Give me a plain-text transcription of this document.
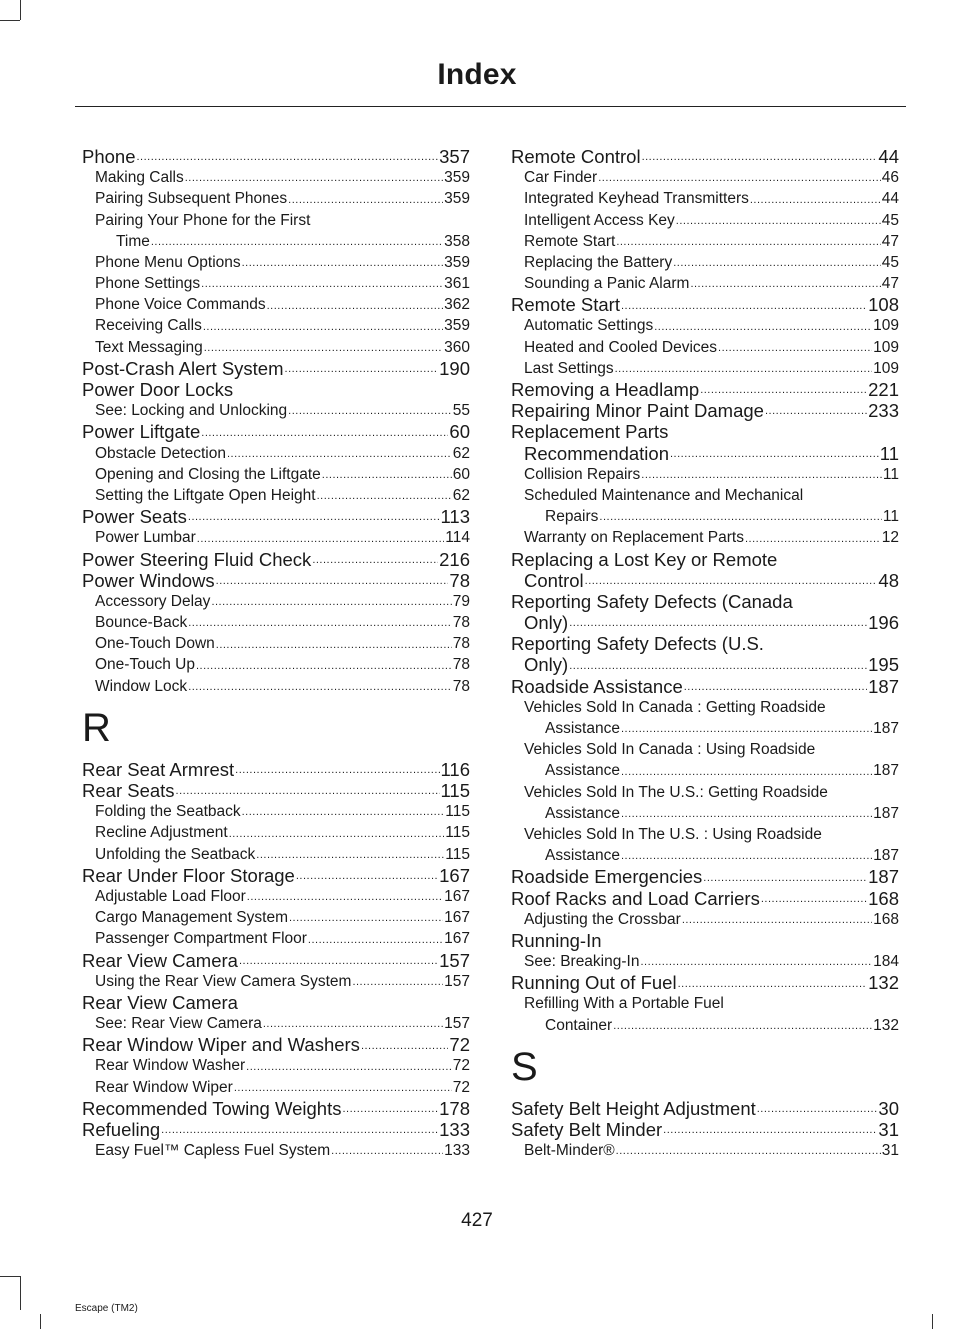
Index
Phone .....	357
Making Calls .....	359
Pairing Subsequent Phones .....	359
Pairing Your Phone for the First
Time .....	358
Phone Menu Options .....	359
Phone Settings .....	361
Phone Voice Commands .....	362
Receiving Calls .....	359
Text Messaging .....	360
Post-Crash Alert System .....	190
Power Door Locks
See: Locking and Unlocking .....	55
Power Liftgate .....	60
Obstacle Detection .....	62
Opening and Closing the Liftgate .....	60
Setting the Liftgate Open Height .....	62
Power Seats .....	113
Power Lumbar .....	114
Power Steering Fluid Check .....	216
Power Windows .....	78
Accessory Delay .....	79
Bounce-Back .....	78
One-Touch Down .....	78
One-Touch Up .....	78
Window Lock .....	78
R
Rear Seat Armrest .....	116
Rear Seats .....	115
Folding the Seatback .....	115
Recline Adjustment .....	115
Unfolding the Seatback .....	115
Rear Under Floor Storage .....	167
Adjustable Load Floor .....	167
Cargo Management System .....	167
Passenger Compartment Floor .....	167
Rear View Camera .....	157
Using the Rear View Camera System .....	157
Rear View Camera
See: Rear View Camera .....	157
Rear Window Wiper and Washers .....	72
Rear Window Washer .....	72
Rear Window Wiper .....	72
Recommended Towing Weights .....	178
Refueling .....	133
Easy Fuel™ Capless Fuel System .....	133
Remote Control .....	44
Car Finder .....	46
Integrated Keyhead Transmitters .....	44
Intelligent Access Key .....	45
Remote Start .....	47
Replacing the Battery .....	45
Sounding a Panic Alarm .....	47
Remote Start .....	108
Automatic Settings .....	109
Heated and Cooled Devices .....	109
Last Settings .....	109
Removing a Headlamp .....	221
Repairing Minor Paint Damage .....	233
Replacement Parts
Recommendation .....	11
Collision Repairs .....	11
Scheduled Maintenance and Mechanical
Repairs .....	11
Warranty on Replacement Parts .....	12
Replacing a Lost Key or Remote
Control .....	48
Reporting Safety Defects (Canada
Only) .....	196
Reporting Safety Defects (U.S.
Only) .....	195
Roadside Assistance .....	187
Vehicles Sold In Canada : Getting Roadside
Assistance .....	187
Vehicles Sold In Canada : Using Roadside
Assistance .....	187
Vehicles Sold In The U.S.: Getting Roadside
Assistance .....	187
Vehicles Sold In The U.S. : Using Roadside
Assistance .....	187
Roadside Emergencies .....	187
Roof Racks and Load Carriers .....	168
Adjusting the Crossbar .....	168
Running-In
See: Breaking-In .....	184
Running Out of Fuel .....	132
Refilling With a Portable Fuel
Container .....	132
S
Safety Belt Height Adjustment .....	30
Safety Belt Minder .....	31
Belt-Minder® .....	31
427
Escape (TM2)
